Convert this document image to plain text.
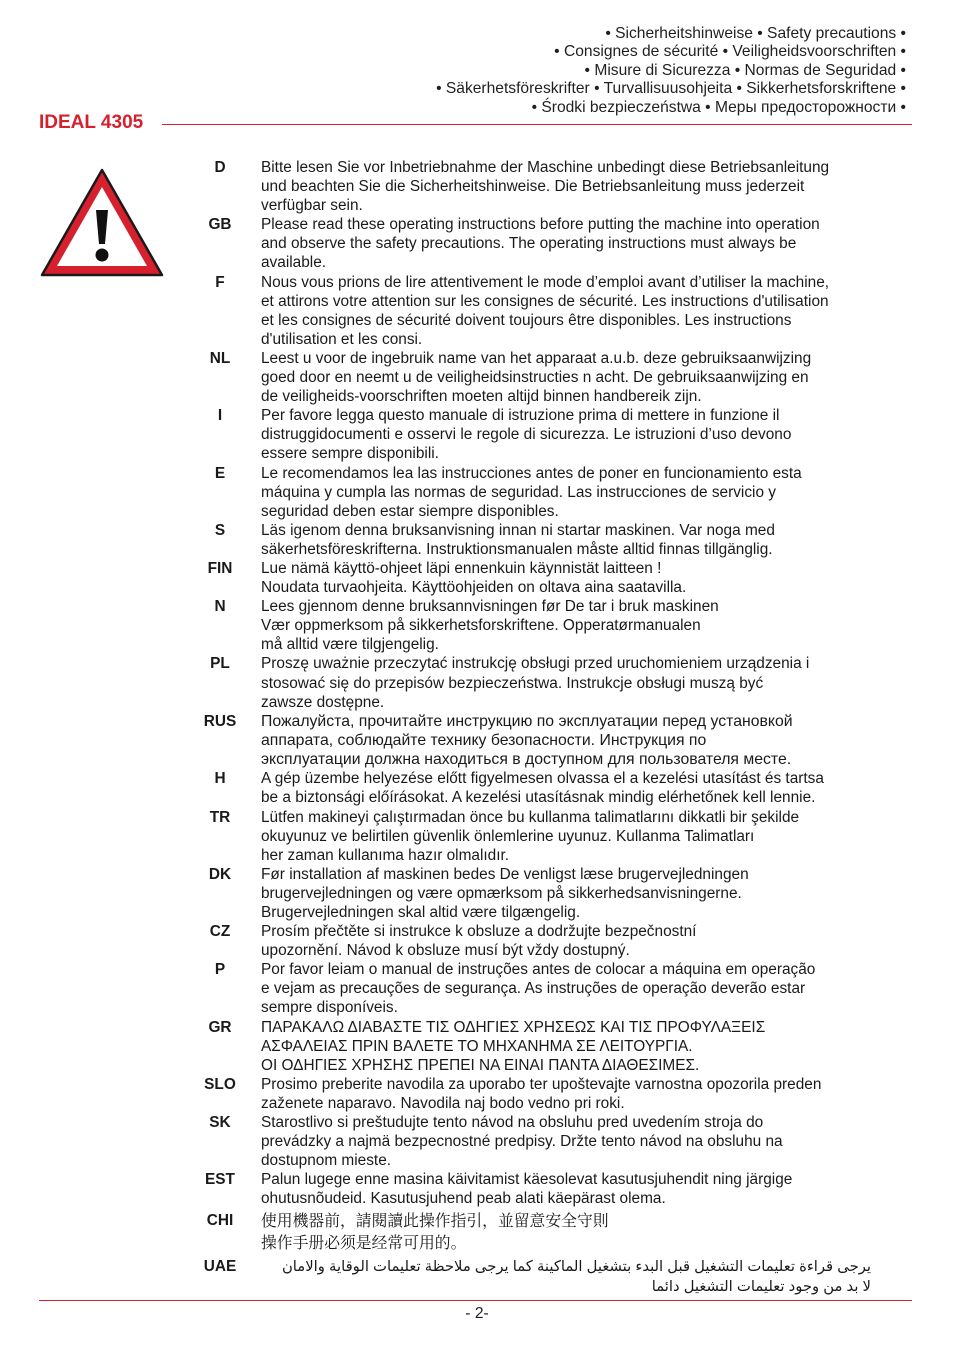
• Sicherheitshinweise • Safety precautions •
• Consignes de sécurité • Veiligheidsvoorschriften •
• Misure di Sicurezza • Normas de Seguridad •
• Säkerhetsföreskrifter • Turvallisuusohjeita • Sikkerhetsforskriftene •
• Środki bezpieczeństwa • Меры предосторожности •
IDEAL 4305
D	Bitte lesen Sie vor Inbetriebnahme der Maschine unbedingt diese Betriebsanleitung
und beachten Sie die Sicherheitshinweise. Die Betriebsanleitung muss jederzeit
verfügbar sein.
GB	Please read these operating instructions before putting the machine into operation
and observe the safety precautions. The operating instructions must always be
available.
F	Nous vous prions de lire attentivement le mode d’emploi avant d’utiliser la machine,
et attirons votre attention sur les consignes de sécurité. Les instructions d'utilisation
et les consignes de sécurité doivent toujours être disponibles. Les instructions
d'utilisation et les consi.
NL	Leest u voor de ingebruik name van het apparaat a.u.b. deze gebruiksaanwijzing
goed door en neemt u de veiligheidsinstructies n acht. De gebruiksaanwijzing en
de veiligheids-voorschriften moeten altijd binnen handbereik zijn.
I	Per favore legga questo manuale di istruzione prima di mettere in funzione il
distruggidocumenti e osservi le regole di sicurezza. Le istruzioni d’uso devono
essere sempre disponibili.
E	Le recomendamos lea las instrucciones antes de poner en funcionamiento esta
máquina y cumpla las normas de seguridad. Las instrucciones de servicio y
seguridad deben estar siempre disponibles.
S	Läs igenom denna bruksanvisning innan ni startar maskinen. Var noga med
säkerhetsföreskrifterna. Instruktionsmanualen måste alltid finnas tillgänglig.
FIN	Lue nämä käyttö-ohjeet läpi ennenkuin käynnistät laitteen !
Noudata turvaohjeita. Käyttöohjeiden on oltava aina saatavilla.
N	Lees gjennom denne bruksannvisningen før De tar i bruk maskinen
Vær oppmerksom på sikkerhetsforskriftene. Opperatørmanualen
må alltid være tilgjengelig.
PL	Proszę uważnie przeczytać instrukcję obsługi przed uruchomieniem urządzenia i
stosować się do przepisów bezpieczeństwa. Instrukcje obsługi muszą być
zawsze dostępne.
RUS	Пожалуйста, прочитайте инструкцию по эксплуатации перед установкой
аппарата, соблюдайте технику безопасности. Инструкция по
эксплуатации должна находиться в доступном для пользователя месте.
H	A gép üzembe helyezése előtt figyelmesen olvassa el a kezelési utasítást és tartsa
be a biztonsági előírásokat. A kezelési utasításnak mindig elérhetőnek kell lennie.
TR	Lütfen makineyi çalıştırmadan önce bu kullanma talimatlarını dikkatli bir şekilde
okuyunuz ve belirtilen güvenlik önlemlerine uyunuz. Kullanma Talimatları
her zaman kullanıma hazır olmalıdır.
DK	Før installation af maskinen bedes De venligst læse brugervejledningen
brugervejledningen og være opmærksom på sikkerhedsanvisningerne.
Brugervejledningen skal altid være tilgængelig.
CZ	Prosím přečtěte si instrukce k obsluze a dodržujte bezpečnostní
upozornění. Návod k obsluze musí být vždy dostupný.
P	Por favor leiam o manual de instruções antes de colocar a máquina em operação
e vejam as precauções de segurança. As instruções de operação deverão estar
sempre disponíveis.
GR	ΠΑΡΑΚΑΛΩ ΔΙΑΒΑΣΤΕ ΤΙΣ ΟΔΗΓΙΕΣ ΧΡΗΣΕΩΣ ΚΑΙ ΤΙΣ ΠΡΟΦΥΛΑΞΕΙΣ
ΑΣΦΑΛΕΙΑΣ ΠΡΙΝ ΒΑΛΕΤΕ ΤΟ ΜΗΧΑΝΗΜΑ ΣΕ ΛΕΙΤΟΥΡΓΙΑ.
ΟΙ ΟΔΗΓΙΕΣ ΧΡΗΣΗΣ ΠΡΕΠΕΙ ΝΑ ΕΙΝΑΙ ΠΑΝΤΑ ΔΙΑΘΕΣΙΜΕΣ.
SLO	Prosimo preberite navodila za uporabo ter upoštevajte varnostna opozorila preden
zaženete naparavo. Navodila naj bodo vedno pri roki.
SK	Starostlivo si preštudujte tento návod na obsluhu pred uvedením stroja do
prevádzky a najmä bezpecnostné predpisy. Držte tento návod na obsluhu na
dostupnom mieste.
EST	Palun lugege enne masina käivitamist käesolevat kasutusjuhendit ning järgige
ohutusnõudeid. Kasutusjuhend peab alati käepärast olema.
CHI	使用機器前，請閱讀此操作指引，並留意安全守則
操作手册必须是经常可用的。
UAE	يرجى قراءة تعليمات التشغيل قبل البدء بتشغيل الماكينة كما يرجى ملاحظة تعليمات الوقاية والامان
لا بد من وجود تعليمات التشغيل دائما
- 2-
